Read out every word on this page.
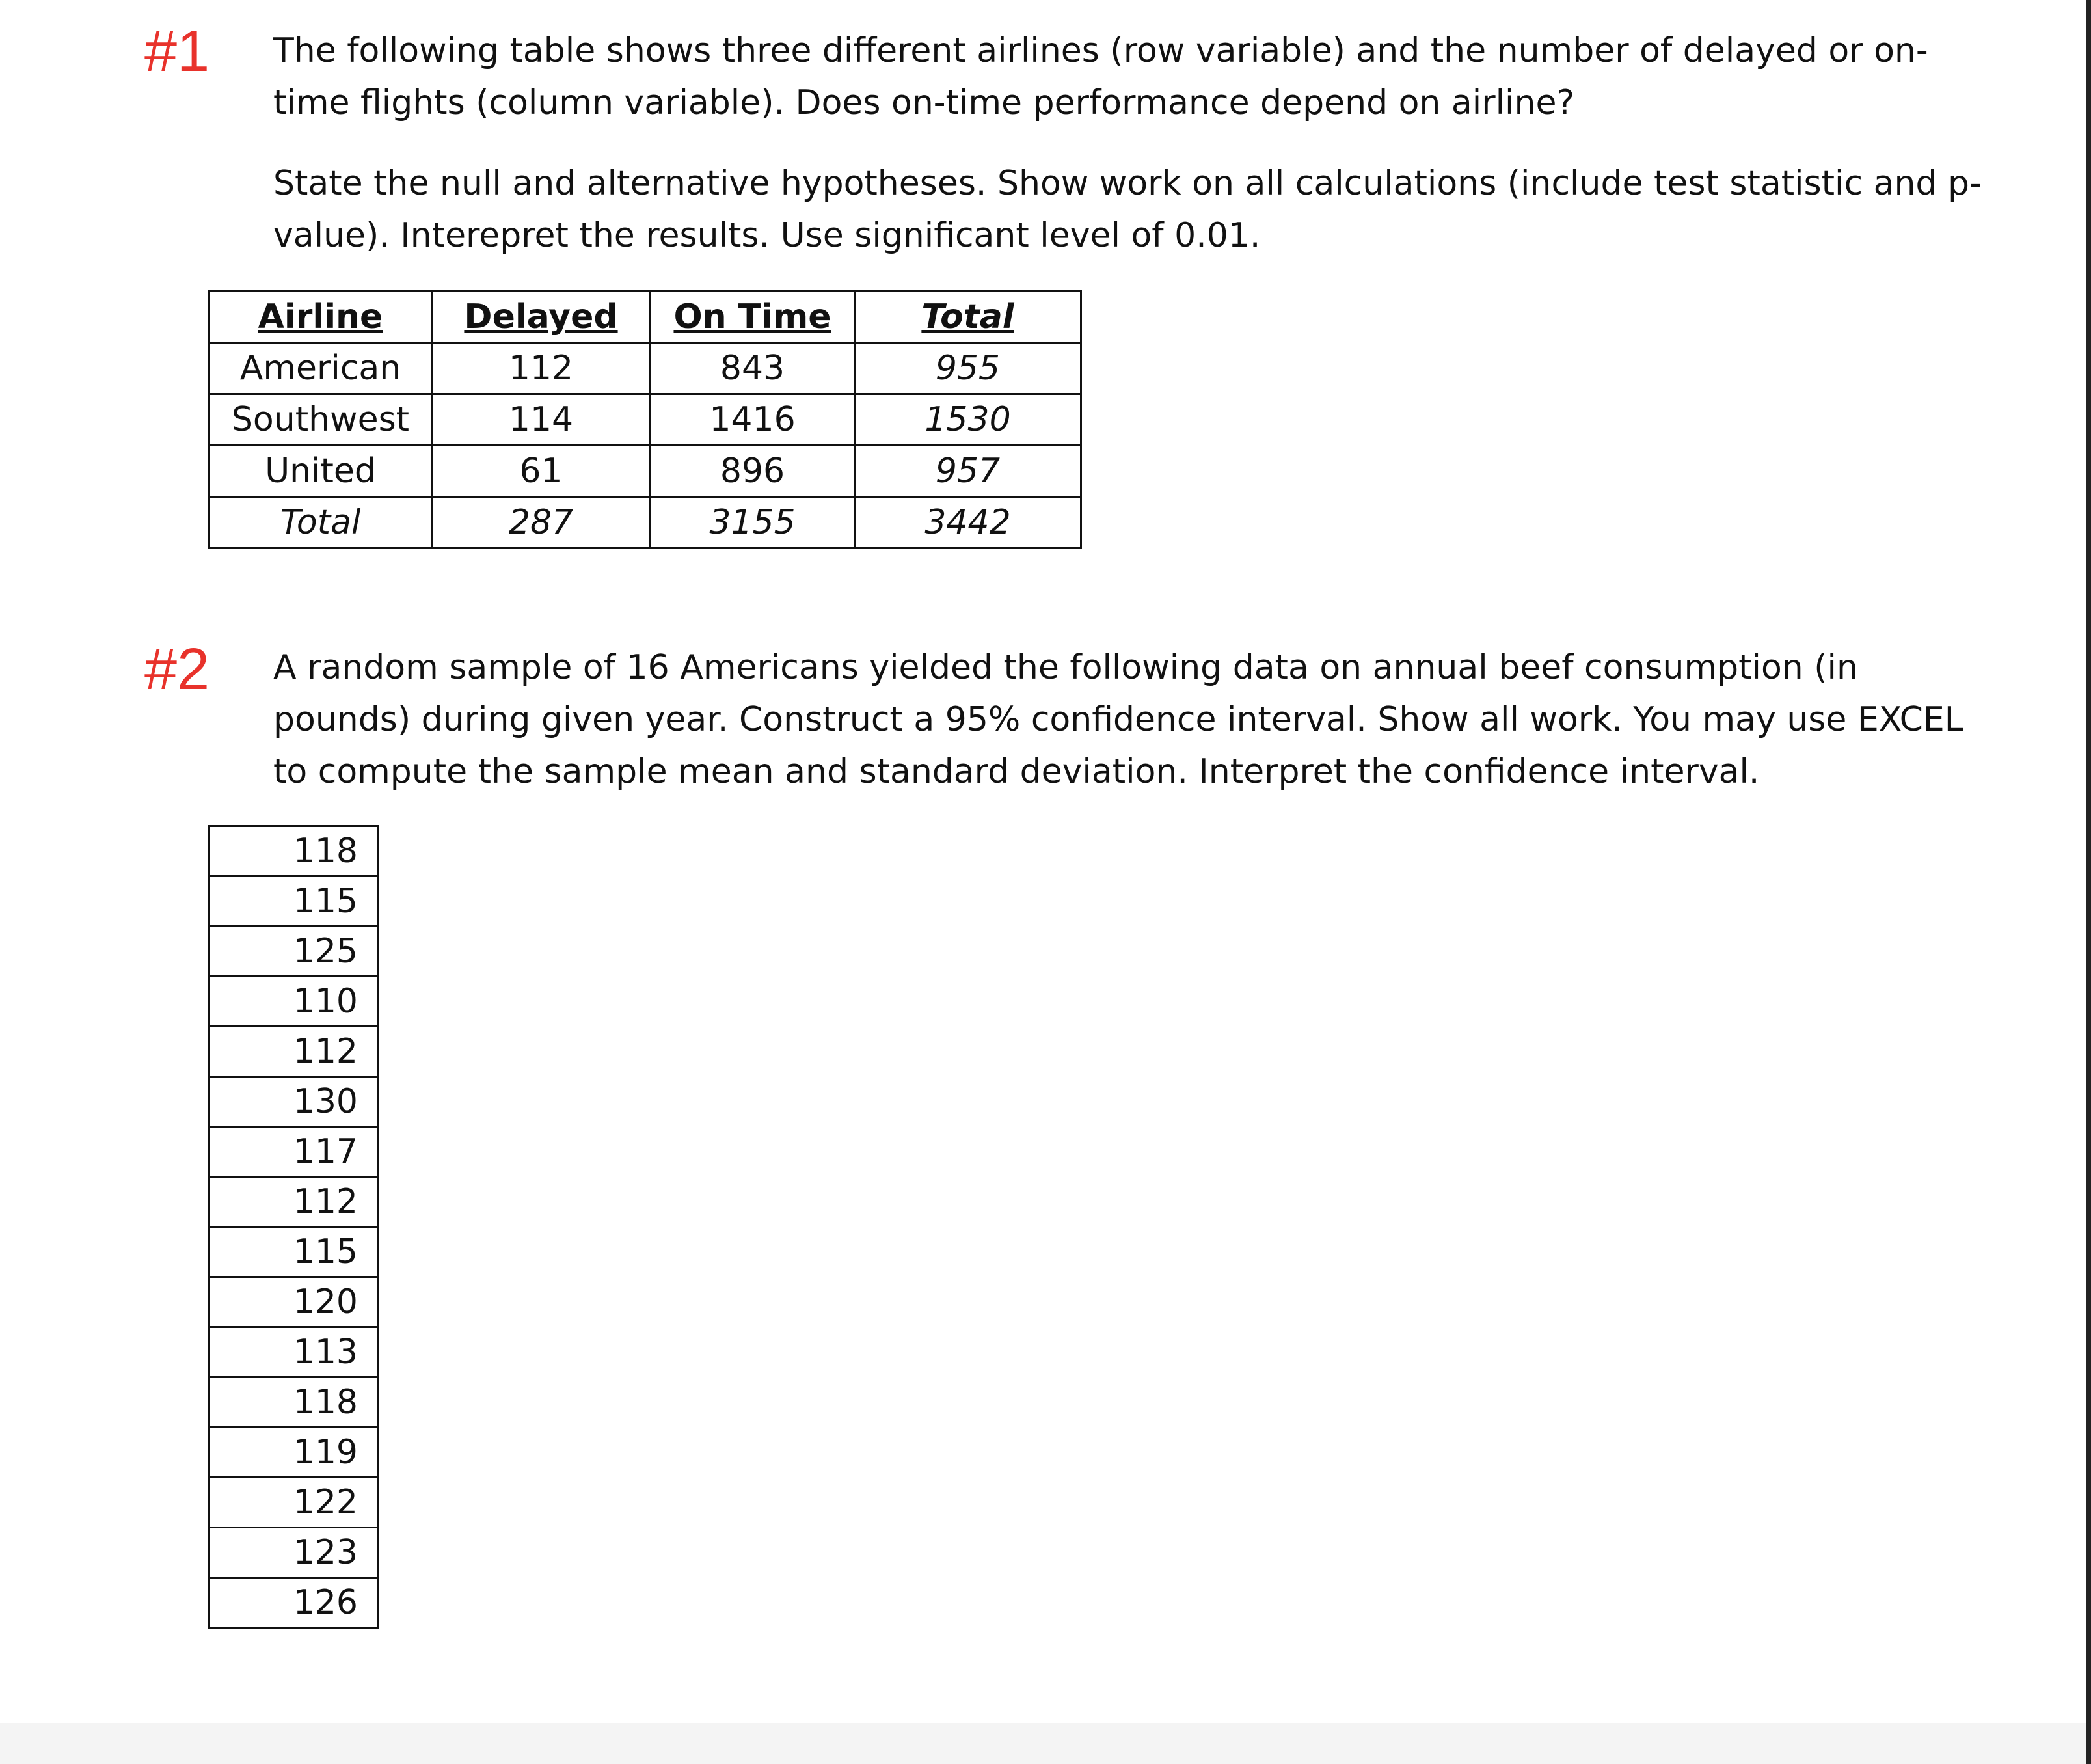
#1 The following table shows three different airlines (row variable) and the number of delayed or on-
time flights (column variable). Does on-time performance depend on airline?
State the null and alternative hypotheses. Show work on all calculations (include test statistic and p-
value). Interepret the results. Use significant level of 0.01.
Airline	Delayed	On Time	Total
American	112	843	955
Southwest	114	1416	1530
United	61	896	957
Total	287	3155	3442
#2 A random sample of 16 Americans yielded the following data on annual beef consumption (in
pounds) during given year. Construct a 95% confidence interval. Show all work. You may use EXCEL
to compute the sample mean and standard deviation. Interpret the confidence interval.
118
115
125
110
112
130
117
112
115
120
113
118
119
122
123
126
